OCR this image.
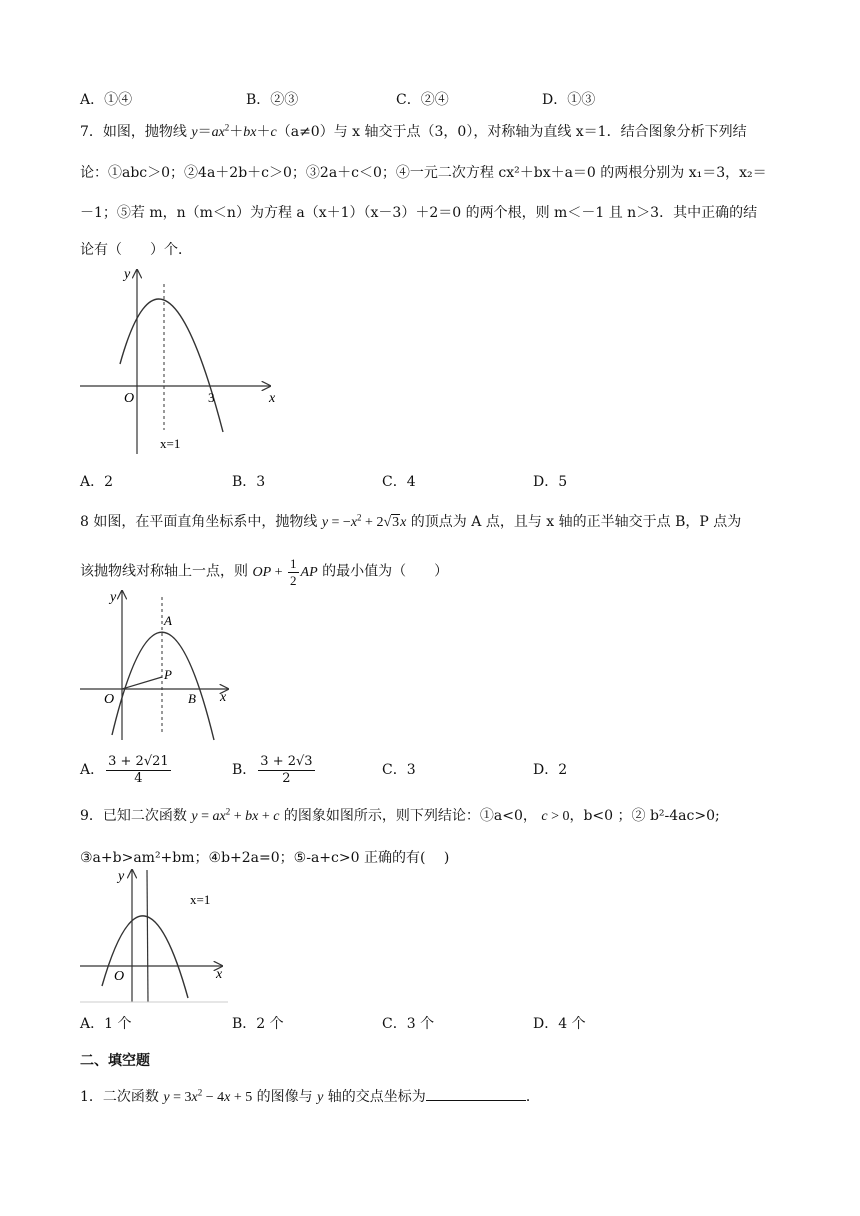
A．①④	B．②③	C．②④	D．①③
7．如图，抛物线 $y=ax^2+bx+c(a\ne 0)$与 x 轴交于点（3，0），对称轴为直线 x＝1．结合图象分析下列结
论：①abc＞0；②4a＋2b＋c＞0；③2a＋c＜0；④一元二次方程 cx²＋bx＋a＝0 的两根分别为 x₁＝3，x₂＝
－1；⑤若 m，n（m＜n）为方程 a（x＋1）（x－3）＋2＝0 的两个根，则 m＜－1 且 n＞3．其中正确的结
论有（　　）个．
y
x
O	3
x=1
A．2	B．3	C．4	D．5
8 如图，在平面直角坐标系中，抛物线 $y = -x^2 + 2√3x$ 的顶点为 A 点，且与 x 轴的正半轴交于点 B，P 点为
该抛物线对称轴上一点，则 OP + $\frac{1}{2}$ AP 的最小值为（　　）
y
x
O
A
P
B
A． $\frac{3 + 2√21}{4}$	B． $\frac{3 + 2√3}{2}$	C．3	D．2
9．已知二次函数 $y = ax^2$ + bx + c 的图象如图所示，则下列结论：①a<0， c > 0，b<0 ；② b²-4ac>0;
③a+b>am²+bm；④b+2a=0；⑤-a+c>0 正确的有(　 )
y
x
O
x=1
A．1 个	B．2 个	C．3 个	D．4 个
二、填空题
1．二次函数 $y = 3x^2 - 4x + 5$ 的图像与 y 轴的交点坐标为	．
